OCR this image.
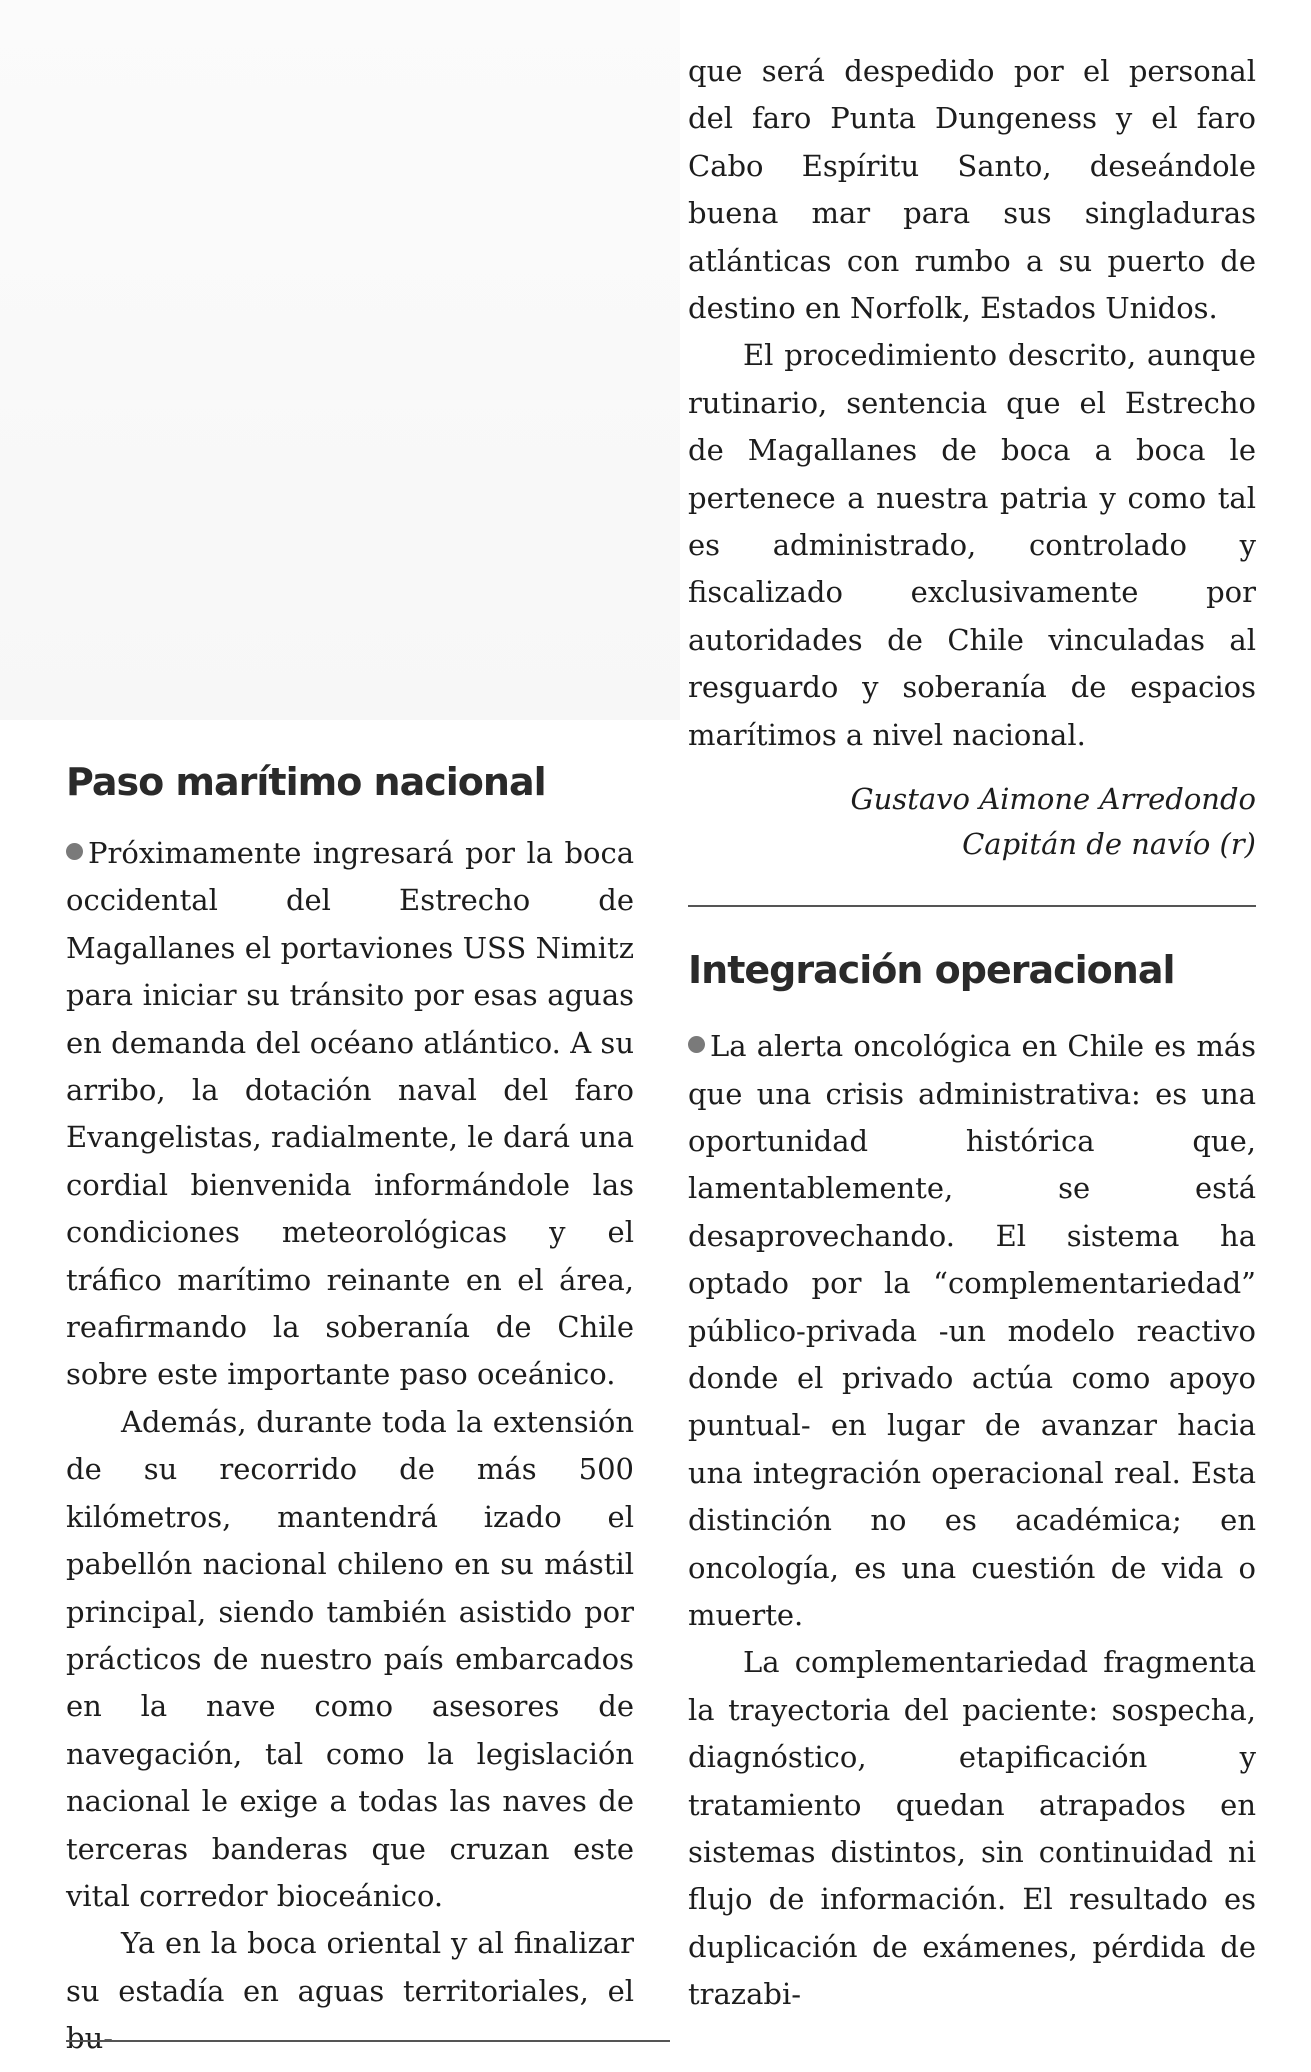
Paso marítimo nacional

Próximamente ingresará por la boca occidental del Estrecho de Magallanes el portaviones USS Nimitz para iniciar su tránsito por esas aguas en demanda del océano atlántico. A su arribo, la dotación naval del faro Evangelistas, radialmente, le dará una cordial bienvenida informándole las condiciones meteorológicas y el tráfico marítimo reinante en el área, reafirmando la soberanía de Chile sobre este importante paso oceánico.

Además, durante toda la extensión de su recorrido de más 500 kilómetros, mantendrá izado el pabellón nacional chileno en su mástil principal, siendo también asistido por prácticos de nuestro país embarcados en la nave como asesores de navegación, tal como la legislación nacional le exige a todas las naves de terceras banderas que cruzan este vital corredor bioceánico.

Ya en la boca oriental y al finalizar su estadía en aguas territoriales, el bu-

que será despedido por el personal del faro Punta Dungeness y el faro Cabo Espíritu Santo, deseándole buena mar para sus singladuras atlánticas con rumbo a su puerto de destino en Norfolk, Estados Unidos.

El procedimiento descrito, aunque rutinario, sentencia que el Estrecho de Magallanes de boca a boca le pertenece a nuestra patria y como tal es administrado, controlado y fiscalizado exclusivamente por autoridades de Chile vinculadas al resguardo y soberanía de espacios marítimos a nivel nacional.

Gustavo Aimone Arredondo
Capitán de navío (r)
Integración operacional

La alerta oncológica en Chile es más que una crisis administrativa: es una oportunidad histórica que, lamentablemente, se está desaprovechando. El sistema ha optado por la “complementariedad” público-privada -un modelo reactivo donde el privado actúa como apoyo puntual- en lugar de avanzar hacia una integración operacional real. Esta distinción no es académica; en oncología, es una cuestión de vida o muerte.

La complementariedad fragmenta la trayectoria del paciente: sospecha, diagnóstico, etapificación y tratamiento quedan atrapados en sistemas distintos, sin continuidad ni flujo de información. El resultado es duplicación de exámenes, pérdida de trazabi-
